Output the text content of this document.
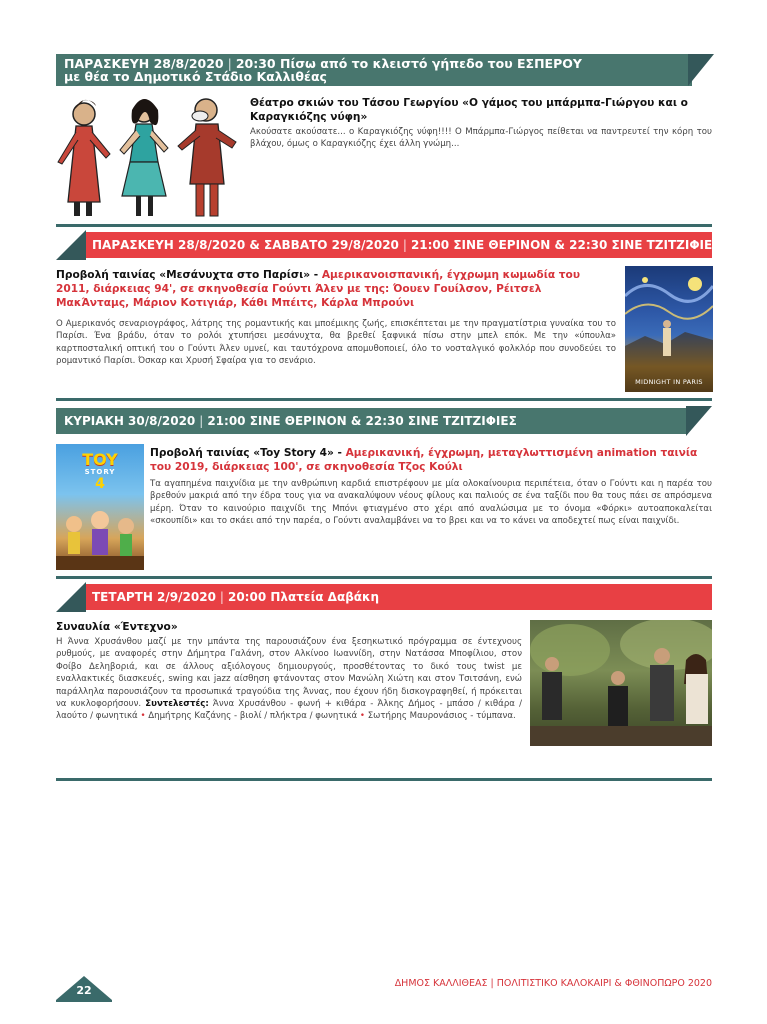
ΠΑΡΑΣΚΕΥΗ 28/8/2020 | 20:30 Πίσω από το κλειστό γήπεδο του ΕΣΠΕΡΟΥ
με θέα το Δημοτικό Στάδιο Καλλιθέας
Θέατρο σκιών του Τάσου Γεωργίου «Ο γάμος του μπάρμπα-Γιώργου και ο Καραγκιόζης νύφη»
Ακούσατε ακούσατε... ο Καραγκιόζης νύφη!!!! Ο Μπάρμπα-Γιώργος πείθεται να παντρευτεί την κόρη του βλάχου, όμως ο Καραγκιόζης έχει άλλη γνώμη...
ΠΑΡΑΣΚΕΥΗ 28/8/2020 & ΣΑΒΒΑΤΟ 29/8/2020 | 21:00 ΣΙΝΕ ΘΕΡΙΝΟΝ & 22:30 ΣΙΝΕ ΤΖΙΤΖΙΦΙΕΣ
Προβολή ταινίας «Μεσάνυχτα στο Παρίσι» - Αμερικανοισπανική, έγχρωμη κωμωδία του 2011, διάρκειας 94', σε σκηνοθεσία Γούντι Άλεν με της: Όουεν Γουίλσον, Ρέιτσελ ΜακΆνταμς, Μάριον Κοτιγιάρ, Κάθι Μπέιτς, Κάρλα Μπρούνι
Ο Αμερικανός σεναριογράφος, λάτρης της ρομαντικής και μποέμικης ζωής, επισκέπτεται με την πραγματίστρια γυναίκα του το Παρίσι. Ένα βράδυ, όταν το ρολόι χτυπήσει μεσάνυχτα, θα βρεθεί ξαφνικά πίσω στην μπελ επόκ. Με την «ύπουλα» καρτποσταλική οπτική του ο Γούντι Άλεν υμνεί, και ταυτόχρονα απομυθοποιεί, όλο το νοσταλγικό φολκλόρ που συνοδεύει το ρομαντικό Παρίσι. Όσκαρ και Χρυσή Σφαίρα για το σενάριο.
MIDNIGHT IN PARIS
ΚΥΡΙΑΚΗ 30/8/2020 | 21:00 ΣΙΝΕ ΘΕΡΙΝΟΝ & 22:30 ΣΙΝΕ ΤΖΙΤΖΙΦΙΕΣ
TOY
STORY
4
Προβολή ταινίας «Toy Story 4» - Αμερικανική, έγχρωμη, μεταγλωττισμένη animation ταινία του 2019, διάρκειας 100', σε σκηνοθεσία Τζος Κούλι
Τα αγαπημένα παιχνίδια με την ανθρώπινη καρδιά επιστρέφουν με μία ολοκαίνουρια περιπέτεια, όταν ο Γούντι και η παρέα του βρεθούν μακριά από την έδρα τους για να ανακαλύψουν νέους φίλους και παλιούς σε ένα ταξίδι που θα τους πάει σε απρόσμενα μέρη. Όταν το καινούριο παιχνίδι της Μπόνι φτιαγμένο στο χέρι από αναλώσιμα με το όνομα «Φόρκι» αυτοαποκαλείται «σκουπίδι» και το σκάει από την παρέα, ο Γούντι αναλαμβάνει να το βρει και να το κάνει να αποδεχτεί πως είναι παιχνίδι.
ΤΕΤΑΡΤΗ 2/9/2020 | 20:00 Πλατεία Δαβάκη
Συναυλία «Έντεχνο»
Η Άννα Χρυσάνθου μαζί με την μπάντα της παρουσιάζουν ένα ξεσηκωτικό πρόγραμμα σε έντεχνους ρυθμούς, με αναφορές στην Δήμητρα Γαλάνη, στον Αλκίνοο Ιωαννίδη, στην Νατάσσα Μποφίλιου, στον Φοίβο Δεληβοριά, και σε άλλους αξιόλογους δημιουργούς, προσθέτοντας το δικό τους twist με εναλλακτικές διασκευές, swing και jazz αίσθηση φτάνοντας στον Μανώλη Χιώτη και στον Τσιτσάνη, ενώ παράλληλα παρουσιάζουν τα προσωπικά τραγούδια της Άννας, που έχουν ήδη δισκογραφηθεί, ή πρόκειται να κυκλοφορήσουν. Συντελεστές: Άννα Χρυσάνθου - φωνή + κιθάρα - Άλκης Δήμος - μπάσο / κιθάρα / λαούτο / φωνητικά • Δημήτρης Καζάνης - βιολί / πλήκτρα / φωνητικά • Σωτήρης Μαυρονάσιος - τύμπανα.
22
ΔΗΜΟΣ ΚΑΛΛΙΘΕΑΣ | ΠΟΛΙΤΙΣΤΙΚΟ ΚΑΛΟΚΑΙΡΙ & ΦΘΙΝΟΠΩΡΟ 2020
